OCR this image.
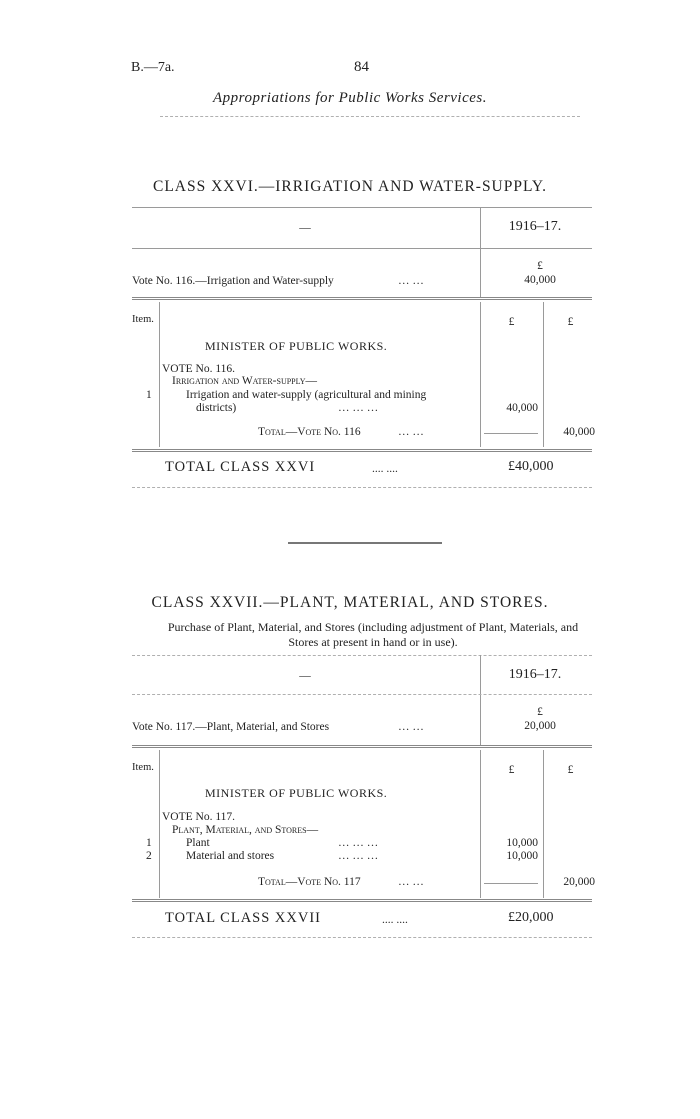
B.—7a.	84
Appropriations for Public Works Services.
CLASS XXVI.—IRRIGATION AND WATER-SUPPLY.
—	1916–17.
£
Vote No. 116.—Irrigation and Water-supply	… …	40,000
Item.	£	£
MINISTER OF PUBLIC WORKS.
VOTE No. 116.
Irrigation and Water-supply—
1	Irrigation and water-supply (agricultural and mining
districts)	… … …	40,000
Total—Vote No. 116	… …	40,000
TOTAL CLASS XXVI	.... ....	£40,000
CLASS XXVII.—PLANT, MATERIAL, AND STORES.
Purchase of Plant, Material, and Stores (including adjustment of Plant, Materials, and Stores at present in hand or in use).
—	1916–17.
£
Vote No. 117.—Plant, Material, and Stores	… …	20,000
Item.	£	£
MINISTER OF PUBLIC WORKS.
VOTE No. 117.
Plant, Material, and Stores—
1	Plant	… … …	10,000
2	Material and stores	… … …	10,000
Total—Vote No. 117	… …	20,000
TOTAL CLASS XXVII	.... ....	£20,000
